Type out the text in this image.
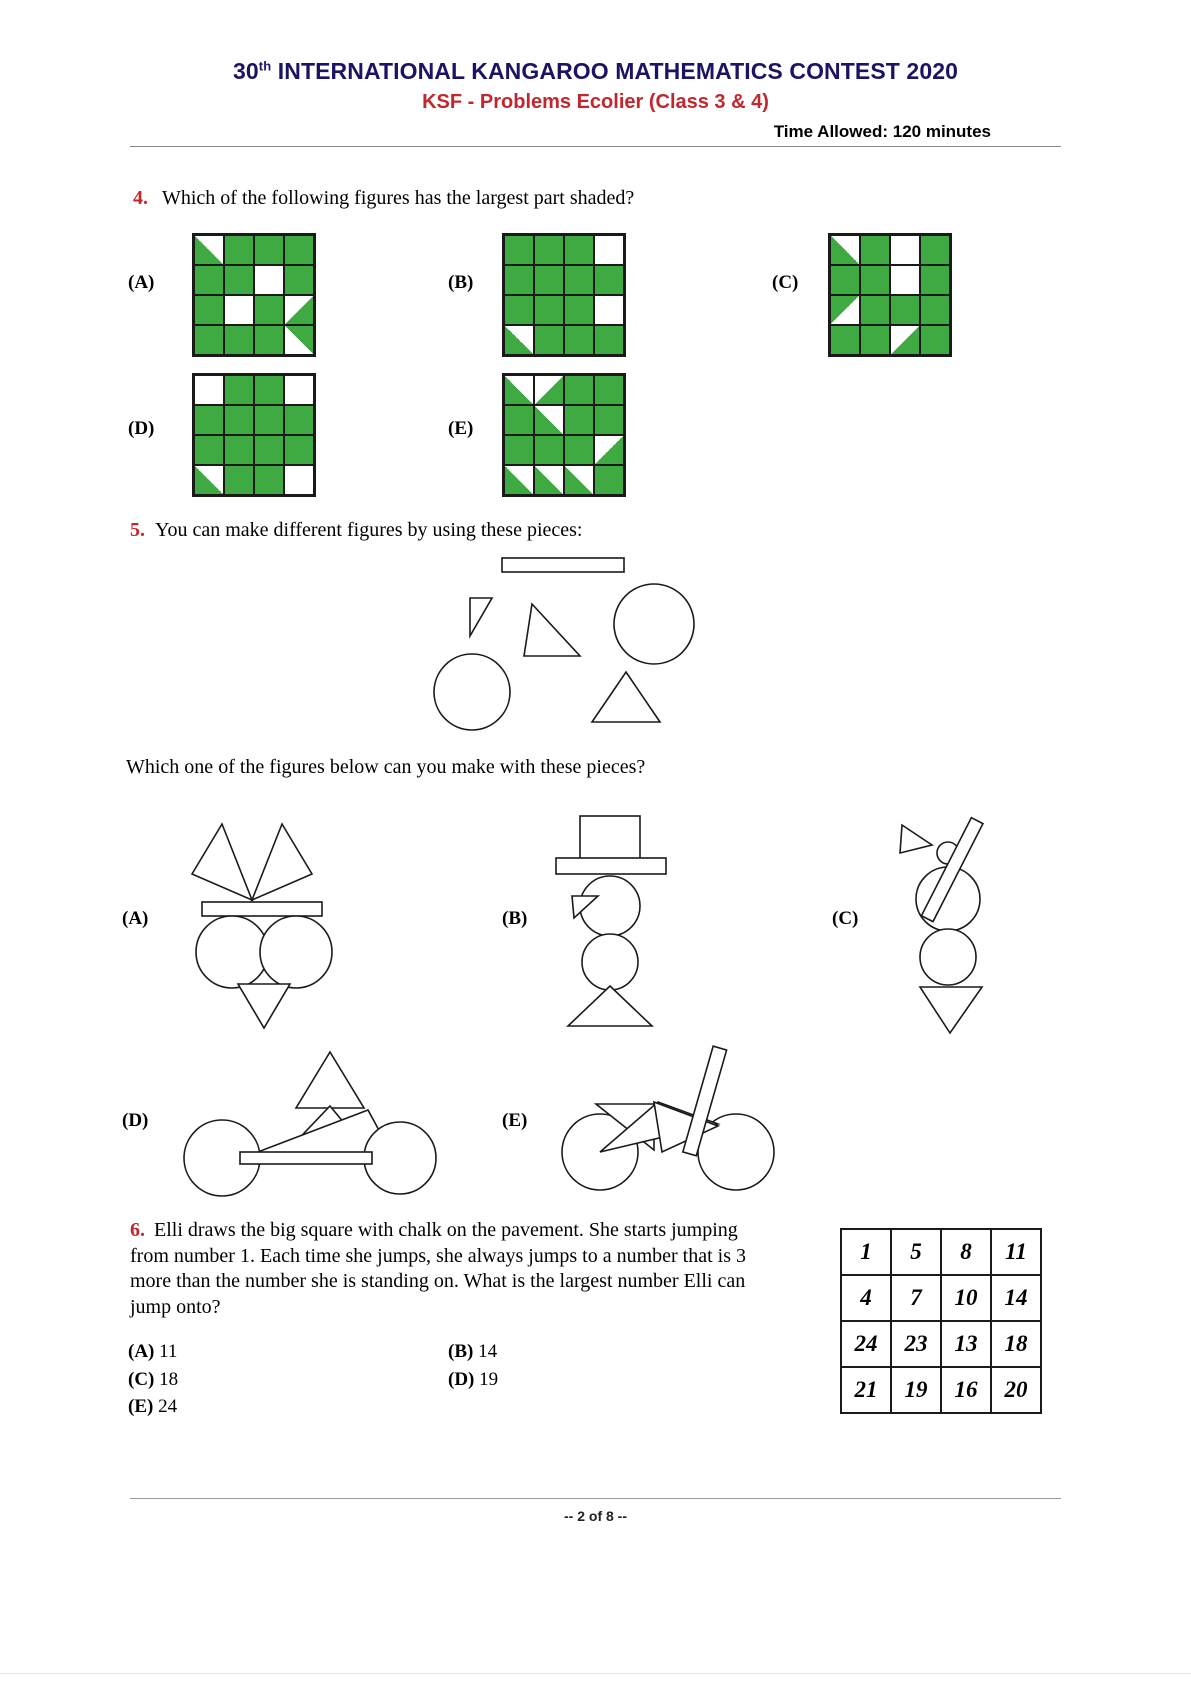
30th INTERNATIONAL KANGAROO MATHEMATICS CONTEST 2020
KSF - Problems Ecolier (Class 3 & 4)
Time Allowed: 120 minutes
4. Which of the following figures has the largest part shaded?
(A)	(B)	(C)
(D)	(E)
5. You can make different figures by using these pieces:
Which one of the figures below can you make with these pieces?
(A)	(B)	(C)
(D)	(E)
6. Elli draws the big square with chalk on the pavement. She starts jumping from number 1. Each time she jumps, she always jumps to a number that is 3 more than the number she is standing on. What is the largest number Elli can jump onto?
(A) 11	(B) 14
(C) 18	(D) 19
(E) 24
1	5	8	11
4	7	10	14
24	23	13	18
21	19	16	20
-- 2 of 8 --
